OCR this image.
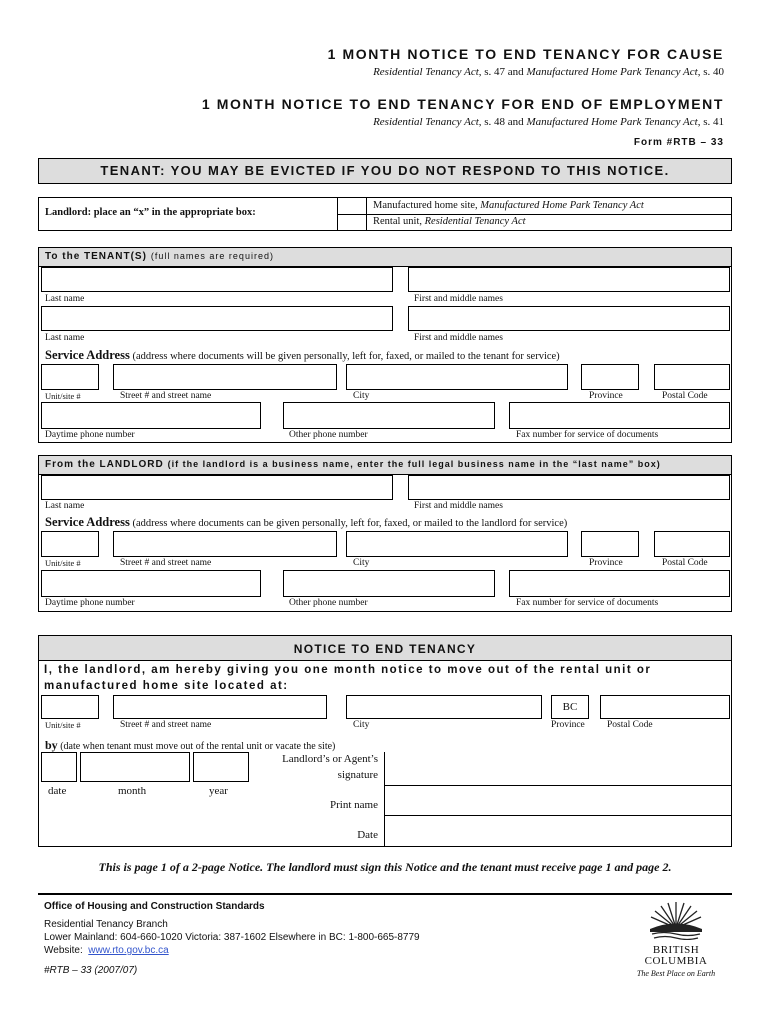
1 MONTH NOTICE TO END TENANCY FOR CAUSE
Residential Tenancy Act, s. 47 and Manufactured Home Park Tenancy Act, s. 40
1 MONTH NOTICE TO END TENANCY FOR END OF EMPLOYMENT
Residential Tenancy Act, s. 48 and Manufactured Home Park Tenancy Act, s. 41
Form #RTB – 33
TENANT: YOU MAY BE EVICTED IF YOU DO NOT RESPOND TO THIS NOTICE.
Landlord: place an “x” in the appropriate box:
Manufactured home site, Manufactured Home Park Tenancy Act
Rental unit, Residential Tenancy Act
To the TENANT(S) (full names are required)
Last name	First and middle names
Last name	First and middle names
Service Address (address where documents will be given personally, left for, faxed, or mailed to the tenant for service)
Unit/site #	Street # and street name	City	Province	Postal Code
Daytime phone number	Other phone number	Fax number for service of documents
From the LANDLORD (if the landlord is a business name, enter the full legal business name in the “last name” box)
Last name	First and middle names
Service Address (address where documents can be given personally, left for, faxed, or mailed to the landlord for service)
Unit/site #	Street # and street name	City	Province	Postal Code
Daytime phone number	Other phone number	Fax number for service of documents
NOTICE TO END TENANCY
I, the landlord, am hereby giving you one month notice to move out of the rental unit or
manufactured home site located at:
BC
Unit/site #	Street # and street name	City	Province Postal Code
by (date when tenant must move out of the rental unit or vacate the site)
date	month	year
Landlord’s or Agent’s
signature
Print name
Date
This is page 1 of a 2-page Notice. The landlord must sign this Notice and the tenant must receive page 1 and page 2.
Office of Housing and Construction Standards
Residential Tenancy Branch
Lower Mainland: 604-660-1020 Victoria: 387-1602 Elsewhere in BC: 1-800-665-8779
Website: www.rto.gov.bc.ca
#RTB – 33 (2007/07)
BRITISH
COLUMBIA
The Best Place on Earth
